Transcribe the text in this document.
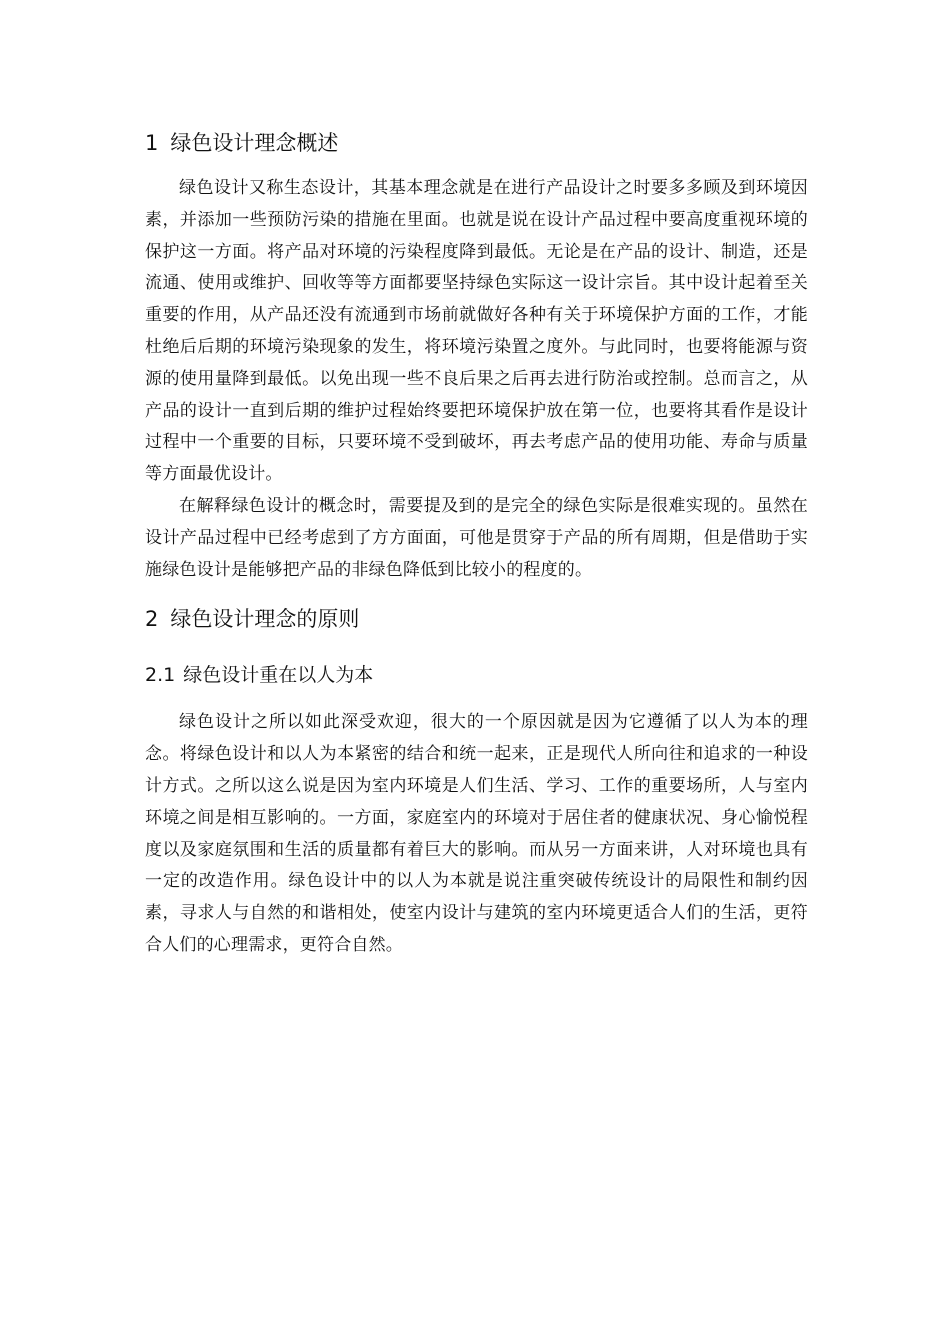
1 绿色设计理念概述

绿色设计又称生态设计，其基本理念就是在进行产品设计之时要多多顾及到环境因素，并添加一些预防污染的措施在里面。也就是说在设计产品过程中要高度重视环境的保护这一方面。将产品对环境的污染程度降到最低。无论是在产品的设计、制造，还是流通、使用或维护、回收等等方面都要坚持绿色实际这一设计宗旨。其中设计起着至关重要的作用，从产品还没有流通到市场前就做好各种有关于环境保护方面的工作，才能杜绝后后期的环境污染现象的发生，将环境污染置之度外。与此同时，也要将能源与资源的使用量降到最低。以免出现一些不良后果之后再去进行防治或控制。总而言之，从产品的设计一直到后期的维护过程始终要把环境保护放在第一位，也要将其看作是设计过程中一个重要的目标，只要环境不受到破坏，再去考虑产品的使用功能、寿命与质量等方面最优设计。

在解释绿色设计的概念时，需要提及到的是完全的绿色实际是很难实现的。虽然在设计产品过程中已经考虑到了方方面面，可他是贯穿于产品的所有周期，但是借助于实施绿色设计是能够把产品的非绿色降低到比较小的程度的。

2 绿色设计理念的原则
2.1 绿色设计重在以人为本

绿色设计之所以如此深受欢迎，很大的一个原因就是因为它遵循了以人为本的理念。将绿色设计和以人为本紧密的结合和统一起来，正是现代人所向往和追求的一种设计方式。之所以这么说是因为室内环境是人们生活、学习、工作的重要场所，人与室内环境之间是相互影响的。一方面，家庭室内的环境对于居住者的健康状况、身心愉悦程度以及家庭氛围和生活的质量都有着巨大的影响。而从另一方面来讲，人对环境也具有一定的改造作用。绿色设计中的以人为本就是说注重突破传统设计的局限性和制约因素，寻求人与自然的和谐相处，使室内设计与建筑的室内环境更适合人们的生活，更符合人们的心理需求，更符合自然。
